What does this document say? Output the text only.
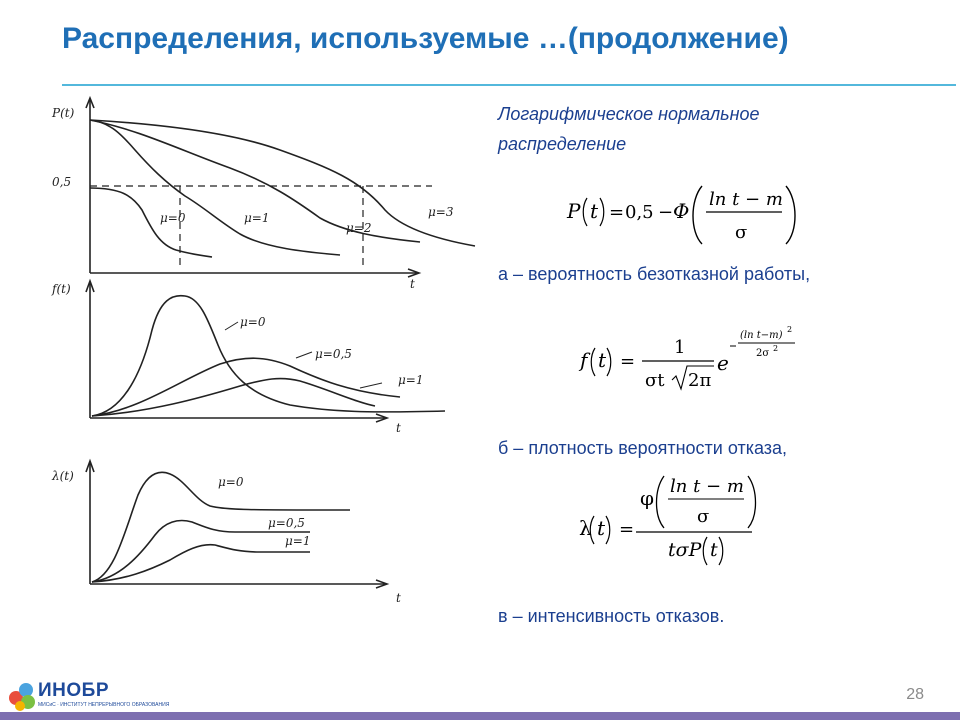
Распределения, используемые …(продолжение)
P(t)
0,5
t
μ=0	μ=1
μ=2
μ=3
f(t)
t
μ=0
μ=0,5
μ=1
λ(t)
t
μ=0
μ=0,5
μ=1
Логарифмическое нормальное
распределение
а – вероятность безотказной работы,
б – плотность вероятности отказа,
в – интенсивность отказов.
P t = 0,5 − Φ ln t − m
σ
f t =
1
σt 2π
e
(ln t−m)
2
2σ 2
λ t =
φ ln t − m
σ
tσP t
ИНОБР
МИСиС · ИНСТИТУТ НЕПРЕРЫВНОГО ОБРАЗОВАНИЯ
28
